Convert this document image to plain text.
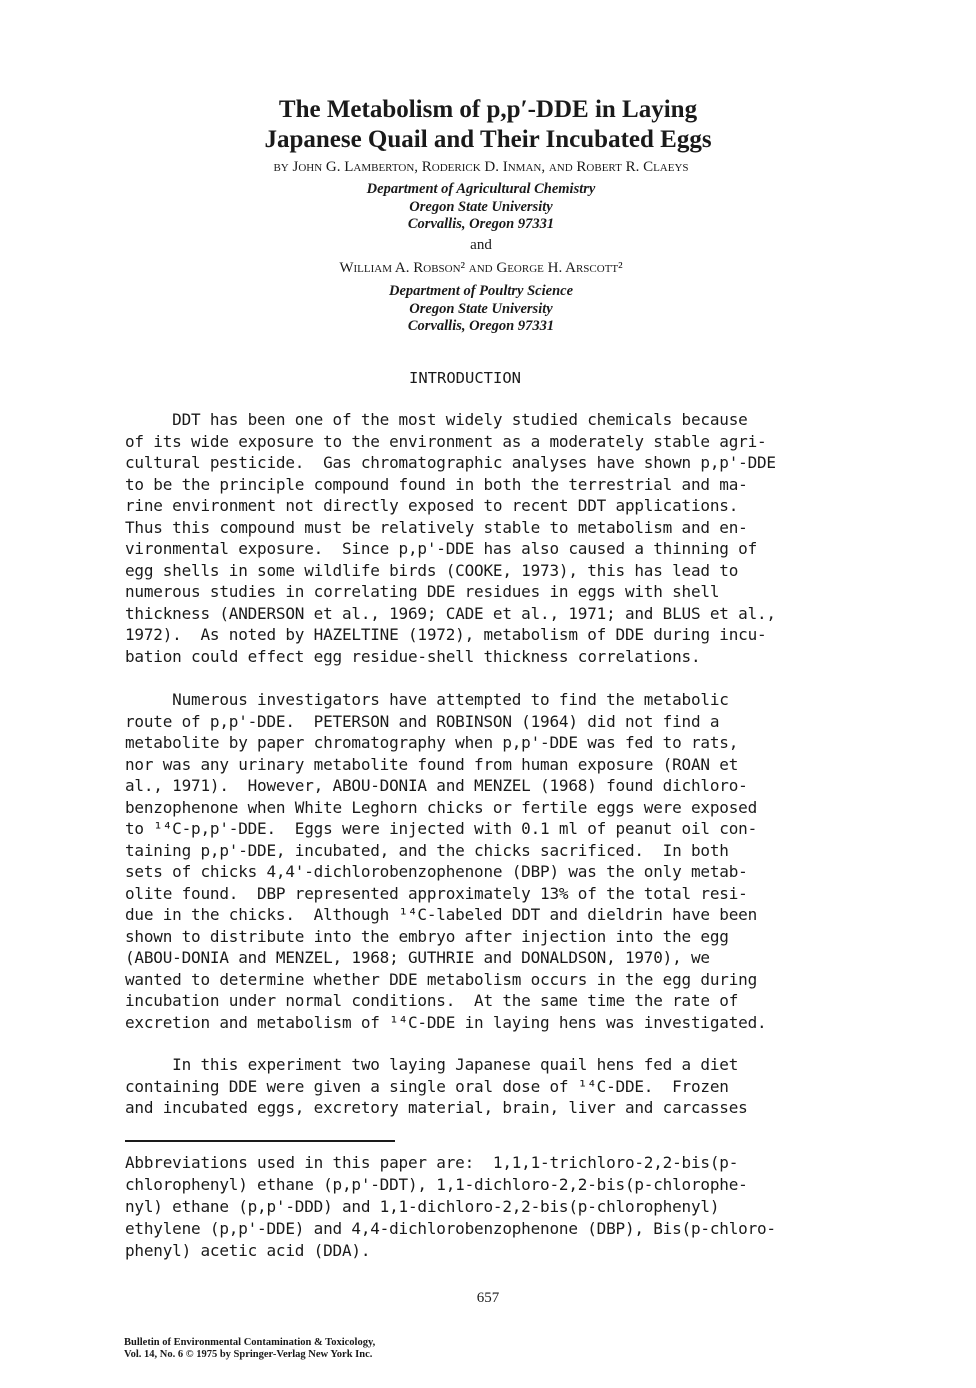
The Metabolism of p,p′-DDE in Laying
Japanese Quail and Their Incubated Eggs
by John G. Lamberton, Roderick D. Inman, and Robert R. Claeys
Department of Agricultural Chemistry
Oregon State University
Corvallis, Oregon 97331
and
William A. Robson² and George H. Arscott²
Department of Poultry Science
Oregon State University
Corvallis, Oregon 97331
INTRODUCTION
DDT has been one of the most widely studied chemicals because
of its wide exposure to the environment as a moderately stable agri-
cultural pesticide.  Gas chromatographic analyses have shown p,p'-DDE
to be the principle compound found in both the terrestrial and ma-
rine environment not directly exposed to recent DDT applications.
Thus this compound must be relatively stable to metabolism and en-
vironmental exposure.  Since p,p'-DDE has also caused a thinning of
egg shells in some wildlife birds (COOKE, 1973), this has lead to
numerous studies in correlating DDE residues in eggs with shell
thickness (ANDERSON et al., 1969; CADE et al., 1971; and BLUS et al.,
1972).  As noted by HAZELTINE (1972), metabolism of DDE during incu-
bation could effect egg residue-shell thickness correlations.
Numerous investigators have attempted to find the metabolic
route of p,p'-DDE.  PETERSON and ROBINSON (1964) did not find a
metabolite by paper chromatography when p,p'-DDE was fed to rats,
nor was any urinary metabolite found from human exposure (ROAN et
al., 1971).  However, ABOU-DONIA and MENZEL (1968) found dichloro-
benzophenone when White Leghorn chicks or fertile eggs were exposed
to ¹⁴C-p,p'-DDE.  Eggs were injected with 0.1 ml of peanut oil con-
taining p,p'-DDE, incubated, and the chicks sacrificed.  In both
sets of chicks 4,4'-dichlorobenzophenone (DBP) was the only metab-
olite found.  DBP represented approximately 13% of the total resi-
due in the chicks.  Although ¹⁴C-labeled DDT and dieldrin have been
shown to distribute into the embryo after injection into the egg
(ABOU-DONIA and MENZEL, 1968; GUTHRIE and DONALDSON, 1970), we
wanted to determine whether DDE metabolism occurs in the egg during
incubation under normal conditions.  At the same time the rate of
excretion and metabolism of ¹⁴C-DDE in laying hens was investigated.
In this experiment two laying Japanese quail hens fed a diet
containing DDE were given a single oral dose of ¹⁴C-DDE.  Frozen
and incubated eggs, excretory material, brain, liver and carcasses
Abbreviations used in this paper are:  1,1,1-trichloro-2,2-bis(p-
chlorophenyl) ethane (p,p'-DDT), 1,1-dichloro-2,2-bis(p-chlorophe-
nyl) ethane (p,p'-DDD) and 1,1-dichloro-2,2-bis(p-chlorophenyl)
ethylene (p,p'-DDE) and 4,4-dichlorobenzophenone (DBP), Bis(p-chloro-
phenyl) acetic acid (DDA).
657
Bulletin of Environmental Contamination & Toxicology,
Vol. 14, No. 6 © 1975 by Springer-Verlag New York Inc.
